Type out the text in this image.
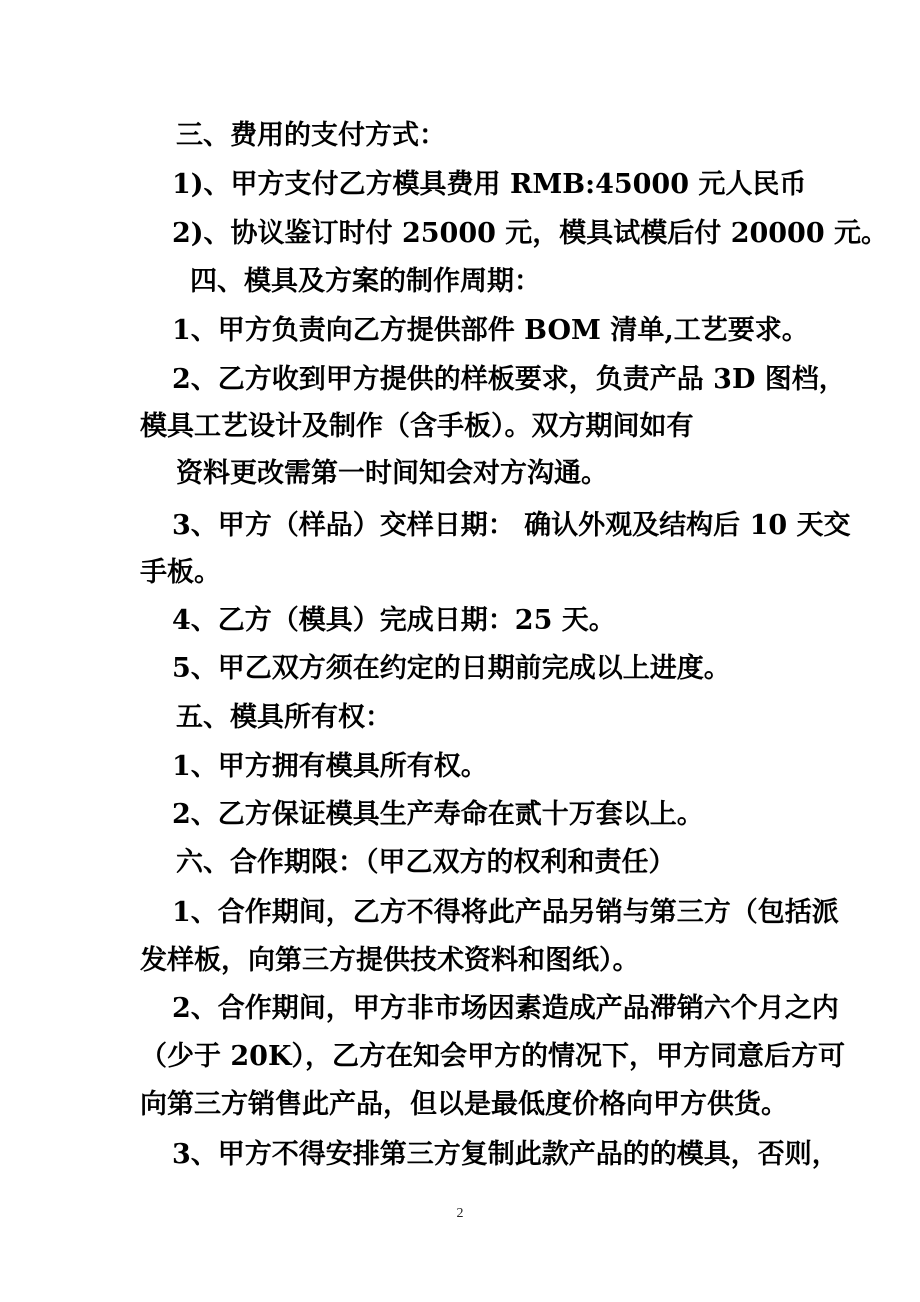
三、费用的支付方式：
1)、甲方支付乙方模具费用 RMB:45000 元人民币
2)、协议鉴订时付 25000 元，模具试模后付 20000 元。
四、模具及方案的制作周期：
1、甲方负责向乙方提供部件 BOM 清单,工艺要求。
2、乙方收到甲方提供的样板要求，负责产品 3D 图档，
模具工艺设计及制作（含手板）。双方期间如有
资料更改需第一时间知会对方沟通。
3、甲方（样品）交样日期： 确认外观及结构后 10 天交
手板。
4、乙方（模具）完成日期：25 天。
5、甲乙双方须在约定的日期前完成以上进度。
五、模具所有权：
1、甲方拥有模具所有权。
2、乙方保证模具生产寿命在贰十万套以上。
六、合作期限：（甲乙双方的权利和责任）
1、合作期间，乙方不得将此产品另销与第三方（包括派
发样板，向第三方提供技术资料和图纸）。
2、合作期间，甲方非市场因素造成产品滞销六个月之内
（少于 20K），乙方在知会甲方的情况下，甲方同意后方可
向第三方销售此产品，但以是最低度价格向甲方供货。
3、甲方不得安排第三方复制此款产品的的模具，否则，
2
